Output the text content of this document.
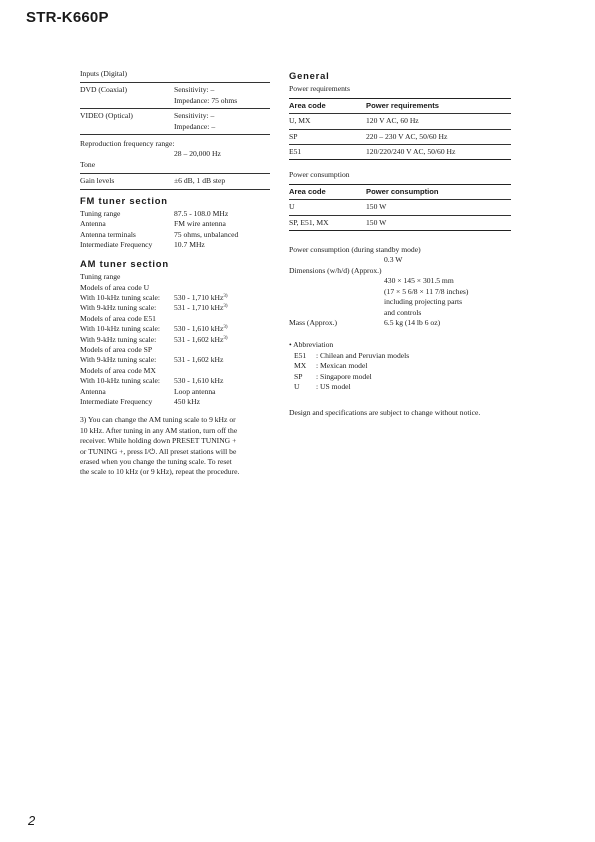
STR-K660P
Inputs (Digital)
DVD (Coaxial)	Sensitivity: –
Impedance: 75 ohms
VIDEO (Optical)	Sensitivity: –
Impedance: –
Reproduction frequency range:
28 – 20,000 Hz
Tone
Gain levels	±6 dB, 1 dB step
FM tuner section
Tuning range	87.5 - 108.0 MHz
Antenna	FM wire antenna
Antenna terminals	75 ohms, unbalanced
Intermediate Frequency	10.7 MHz
AM tuner section
Tuning range
Models of area code U
With 10-kHz tuning scale:	530 - 1,710 kHz$^{3)}$
With 9-kHz tuning scale:	531 - 1,710 kHz$^{3)}$
Models of area code E51
With 10-kHz tuning scale:	530 - 1,610 kHz$^{3)}$
With 9-kHz tuning scale:	531 - 1,602 kHz$^{3)}$
Models of area code SP
With 9-kHz tuning scale:	531 - 1,602 kHz
Models of area code MX
With 10-kHz tuning scale:	530 - 1,610 kHz
Antenna	Loop antenna
Intermediate Frequency	450 kHz
3) You can change the AM tuning scale to 9 kHz or
10 kHz. After tuning in any AM station, turn off the
receiver. While holding down PRESET TUNING +
or TUNING +, press I/⏻. All preset stations will be
erased when you change the tuning scale. To reset
the scale to 10 kHz (or 9 kHz), repeat the procedure.
General
Power requirements
Area code	Power requirements
U, MX	120 V AC, 60 Hz
SP	220 – 230 V AC, 50/60 Hz
E51	120/220/240 V AC, 50/60 Hz
Power consumption
Area code	Power consumption
U	150 W
SP, E51, MX	150 W
Power consumption (during standby mode)
0.3 W
Dimensions (w/h/d) (Approx.)
430 × 145 × 301.5 mm
(17 × 5 6/8 × 11 7/8 inches)
including projecting parts
and controls
Mass (Approx.)	6.5 kg (14 lb 6 oz)
• Abbreviation
E51	: Chilean and Peruvian models
MX	: Mexican model
SP	: Singapore model
U	: US model
Design and specifications are subject to change without notice.
2
